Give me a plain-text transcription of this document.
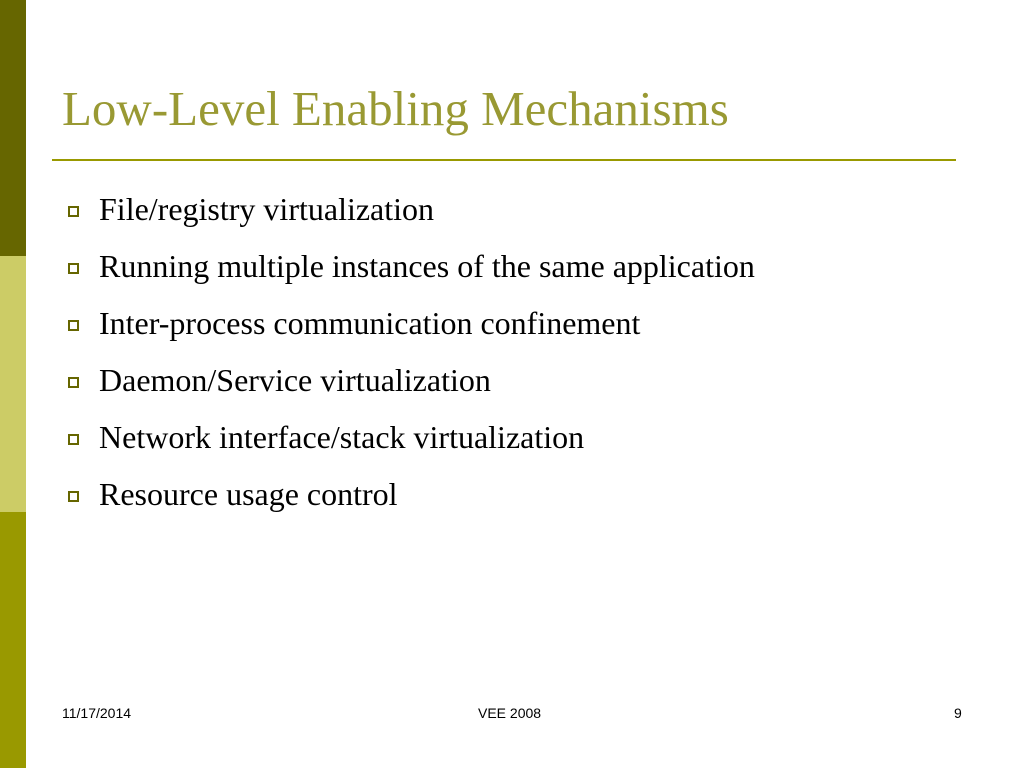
Low-Level Enabling Mechanisms
File/registry virtualization
Running multiple instances of the same application
Inter-process communication confinement
Daemon/Service virtualization
Network interface/stack virtualization
Resource usage control
11/17/2014	VEE 2008	9
